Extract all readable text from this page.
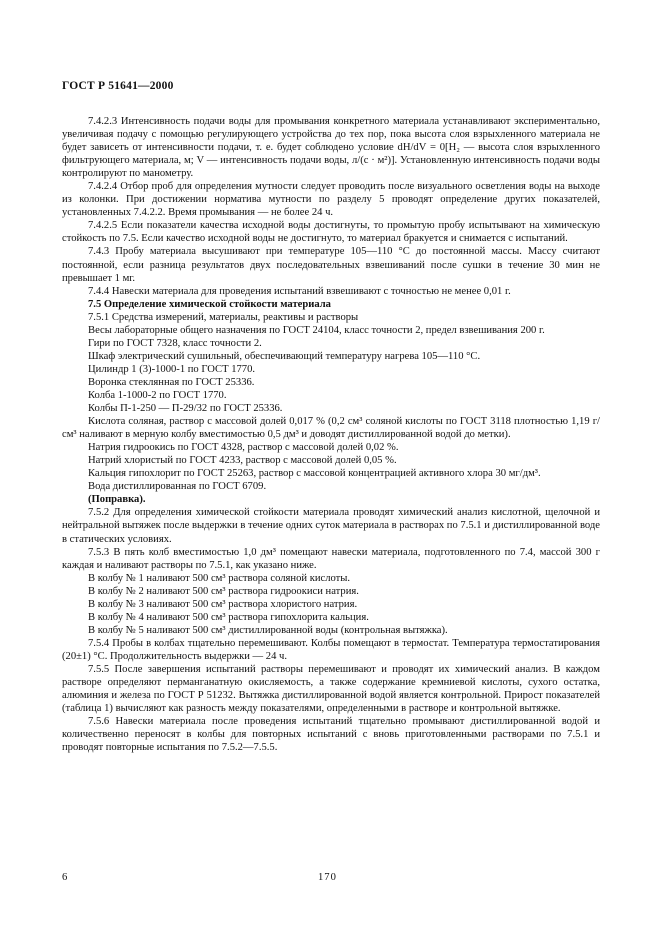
ГОСТ Р 51641—2000

7.4.2.3 Интенсивность подачи воды для промывания конкретного материала устанавливают экспериментально, увеличивая подачу с помощью регулирующего устройства до тех пор, пока высота слоя взрыхленного материала не будет зависеть от интенсивности подачи, т. е. будет соблюдено условие dH/dV = 0[H₂ — высота слоя взрыхленного фильтрующего материала, м; V — интенсивность подачи воды, л/(с · м²)]. Установленную интенсивность подачи воды контролируют по манометру.

7.4.2.4 Отбор проб для определения мутности следует проводить после визуального осветления воды на выходе из колонки. При достижении норматива мутности по разделу 5 проводят определение других показателей, установленных 7.4.2.2. Время промывания — не более 24 ч.

7.4.2.5 Если показатели качества исходной воды достигнуты, то промытую пробу испытывают на химическую стойкость по 7.5. Если качество исходной воды не достигнуто, то материал бракуется и снимается с испытаний.

7.4.3 Пробу материала высушивают при температуре 105—110 °С до постоянной массы. Массу считают постоянной, если разница результатов двух последовательных взвешиваний после сушки в течение 30 мин не превышает 1 мг.

7.4.4 Навески материала для проведения испытаний взвешивают с точностью не менее 0,01 г.

7.5 Определение химической стойкости материала

7.5.1 Средства измерений, материалы, реактивы и растворы

Весы лабораторные общего назначения по ГОСТ 24104, класс точности 2, предел взвешивания 200 г.

Гири по ГОСТ 7328, класс точности 2.

Шкаф электрический сушильный, обеспечивающий температуру нагрева 105—110 °С.

Цилиндр 1 (3)-1000-1 по ГОСТ 1770.

Воронка стеклянная по ГОСТ 25336.

Колба 1-1000-2 по ГОСТ 1770.

Колбы П-1-250 — П-29/32 по ГОСТ 25336.

Кислота соляная, раствор с массовой долей 0,017 % (0,2 см³ соляной кислоты по ГОСТ 3118 плотностью 1,19 г/см³ наливают в мерную колбу вместимостью 0,5 дм³ и доводят дистиллированной водой до метки).

Натрия гидроокись по ГОСТ 4328, раствор с массовой долей 0,02 %.

Натрий хлористый по ГОСТ 4233, раствор с массовой долей 0,05 %.

Кальция гипохлорит по ГОСТ 25263, раствор с массовой концентрацией активного хлора 30 мг/дм³.

Вода дистиллированная по ГОСТ 6709.

(Поправка).

7.5.2 Для определения химической стойкости материала проводят химический анализ кислотной, щелочной и нейтральной вытяжек после выдержки в течение одних суток материала в растворах по 7.5.1 и дистиллированной воде в статических условиях.

7.5.3 В пять колб вместимостью 1,0 дм³ помещают навески материала, подготовленного по 7.4, массой 300 г каждая и наливают растворы по 7.5.1, как указано ниже.

В колбу № 1 наливают 500 см³ раствора соляной кислоты.

В колбу № 2 наливают 500 см³ раствора гидроокиси натрия.

В колбу № 3 наливают 500 см³ раствора хлористого натрия.

В колбу № 4 наливают 500 см³ раствора гипохлорита кальция.

В колбу № 5 наливают 500 см³ дистиллированной воды (контрольная вытяжка).

7.5.4 Пробы в колбах тщательно перемешивают. Колбы помещают в термостат. Температура термостатирования (20±1) °С. Продолжительность выдержки — 24 ч.

7.5.5 После завершения испытаний растворы перемешивают и проводят их химический анализ. В каждом растворе определяют перманганатную окисляемость, а также содержание кремниевой кислоты, сухого остатка, алюминия и железа по ГОСТ Р 51232. Вытяжка дистиллированной водой является контрольной. Прирост показателей (таблица 1) вычисляют как разность между показателями, определенными в растворе и контрольной вытяжке.

7.5.6 Навески материала после проведения испытаний тщательно промывают дистиллированной водой и количественно переносят в колбы для повторных испытаний с вновь приготовленными растворами по 7.5.1 и проводят повторные испытания по 7.5.2—7.5.5.

6	170
